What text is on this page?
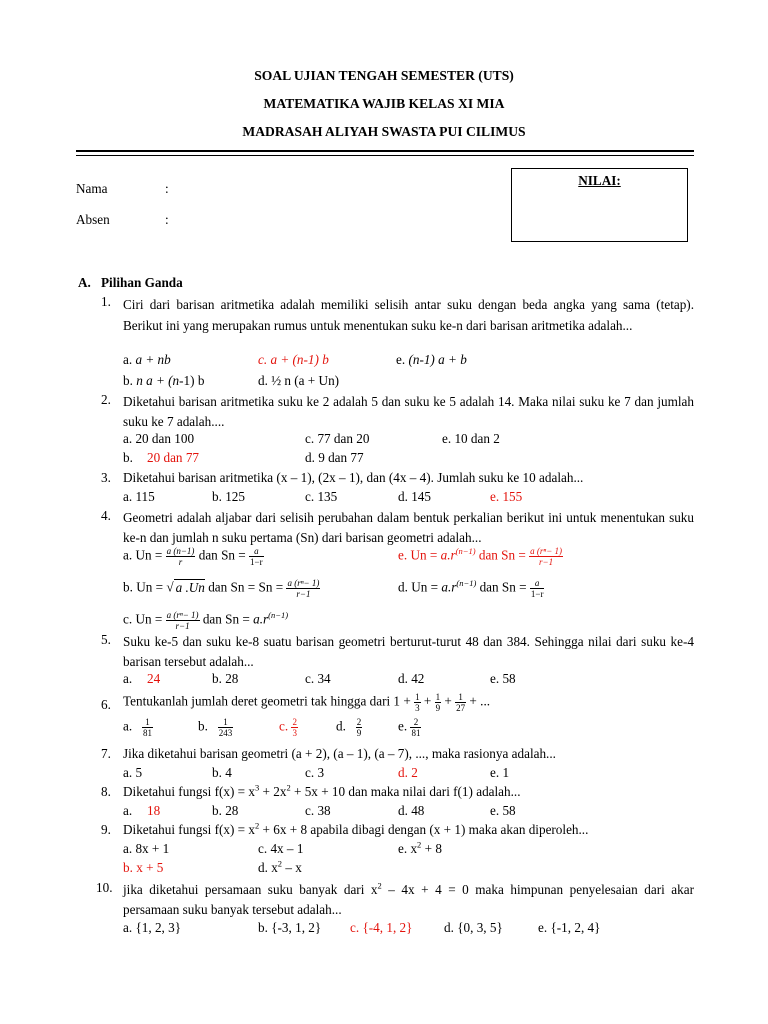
SOAL UJIAN TENGAH SEMESTER (UTS)
MATEMATIKA WAJIB KELAS XI MIA
MADRASAH ALIYAH SWASTA PUI CILIMUS
Nama	:
Absen	:
NILAI:
A. Pilihan Ganda
1. Ciri dari barisan aritmetika adalah memiliki selisih antar suku dengan beda angka yang sama (tetap). Berikut ini yang merupakan rumus untuk menentukan suku ke-n dari barisan aritmetika adalah...
a. a + nb	c. a + (n-1) b	e. (n-1) a + b
b. n a + (n-1) b	d. ½ n (a + Un)
2. Diketahui barisan aritmetika suku ke 2 adalah 5 dan suku ke 5 adalah 14. Maka nilai suku ke 7 dan jumlah suku ke 7 adalah....
a. 20 dan 100	c. 77 dan 20	e. 10 dan 2
b. 20 dan 77	d. 9 dan 77
3. Diketahui barisan aritmetika (x – 1), (2x – 1), dan (4x – 4). Jumlah suku ke 10 adalah...
a. 115	b. 125	c. 135	d. 145	e. 155
4. Geometri adalah aljabar dari selisih perubahan dalam bentuk perkalian berikut ini untuk menentukan suku ke-n dan jumlah n suku pertama (Sn) dari barisan geometri adalah...
a. $Un = \frac{a (n-1)}{r}$ dan $Sn = \frac{a}{1-r}$	e. $Un = a.r^{(n-1)}$ dan $Sn = \frac{\text{a (rⁿ− 1)}}{r-1}$
b. Un = √ a .Un dan $Sn = Sn = \frac{\text{a (rⁿ− 1)}}{r-1}$	d. $Un = a.r^{(n-1)}$ dan $Sn = \frac{a}{1-r}$
c. $Un = \frac{\text{a (rⁿ− 1)}}{r-1}$ dan $Sn = a.r^{(n-1)}$
5. Suku ke-5 dan suku ke-8 suatu barisan geometri berturut-turut 48 dan 384. Sehingga nilai dari suku ke-4 barisan tersebut adalah...
a. 24	b. 28	c. 34	d. 42	e. 58
6. Tentukanlah jumlah deret geometri tak hingga dari $1 + \frac{1}{3} + \frac{1}{9} + \frac{1}{27}$ + ...
a. $\frac{1}{81}$	b. $\frac{1}{243}$	c. $\frac{2}{3}$	d. $\frac{2}{9}$	e. $\frac{2}{81}$
7. Jika diketahui barisan geometri (a + 2), (a – 1), (a – 7), ..., maka rasionya adalah...
a. 5	b. 4	c. 3	d. 2	e. 1
8. Diketahui fungsi $f(x) = x^3 + 2x^2 + 5x + 10$ dan maka nilai dari f(1) adalah...
a. 18	b. 28	c. 38	d. 48	e. 58
9. Diketahui fungsi $f(x) = x^2 + 6x + 8$ apabila dibagi dengan (x + 1) maka akan diperoleh...
a. 8x + 1	c. 4x – 1	e. $x^2 + 8$
b. x + 5	d. $x^2$ – x
10. jika diketahui persamaan suku banyak dari $x^2 - 4x + 4 = 0$ maka himpunan penyelesaian dari akar persamaan suku banyak tersebut adalah...
a. {1, 2, 3}	b. {-3, 1, 2} c. {-4, 1, 2} d. {0, 3, 5}	e. {-1, 2, 4}
